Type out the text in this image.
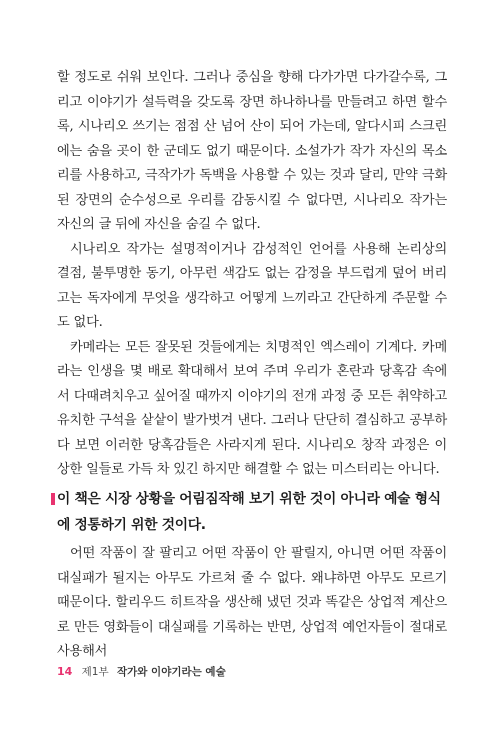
할 정도로 쉬워 보인다. 그러나 중심을 향해 다가가면 다가갈수록, 그리고 이야기가 설득력을 갖도록 장면 하나하나를 만들려고 하면 할수록, 시나리오 쓰기는 점점 산 넘어 산이 되어 가는데, 알다시피 스크린에는 숨을 곳이 한 군데도 없기 때문이다. 소설가가 작가 자신의 목소리를 사용하고, 극작가가 독백을 사용할 수 있는 것과 달리, 만약 극화된 장면의 순수성으로 우리를 감동시킬 수 없다면, 시나리오 작가는 자신의 글 뒤에 자신을 숨길 수 없다.

시나리오 작가는 설명적이거나 감성적인 언어를 사용해 논리상의 결점, 불투명한 동기, 아무런 색감도 없는 감정을 부드럽게 덮어 버리고는 독자에게 무엇을 생각하고 어떻게 느끼라고 간단하게 주문할 수도 없다.

카메라는 모든 잘못된 것들에게는 치명적인 엑스레이 기계다. 카메라는 인생을 몇 배로 확대해서 보여 주며 우리가 혼란과 당혹감 속에서 다때려치우고 싶어질 때까지 이야기의 전개 과정 중 모든 취약하고 유치한 구석을 샅샅이 발가벗겨 낸다. 그러나 단단히 결심하고 공부하다 보면 이러한 당혹감들은 사라지게 된다. 시나리오 창작 과정은 이상한 일들로 가득 차 있긴 하지만 해결할 수 없는 미스터리는 아니다.

이 책은 시장 상황을 어림짐작해 보기 위한 것이 아니라 예술 형식에 정통하기 위한 것이다.

어떤 작품이 잘 팔리고 어떤 작품이 안 팔릴지, 아니면 어떤 작품이 대실패가 될지는 아무도 가르쳐 줄 수 없다. 왜냐하면 아무도 모르기 때문이다. 할리우드 히트작을 생산해 냈던 것과 똑같은 상업적 계산으로 만든 영화들이 대실패를 기록하는 반면, 상업적 예언자들이 절대로 사용해서

14 제1부 작가와 이야기라는 예술
